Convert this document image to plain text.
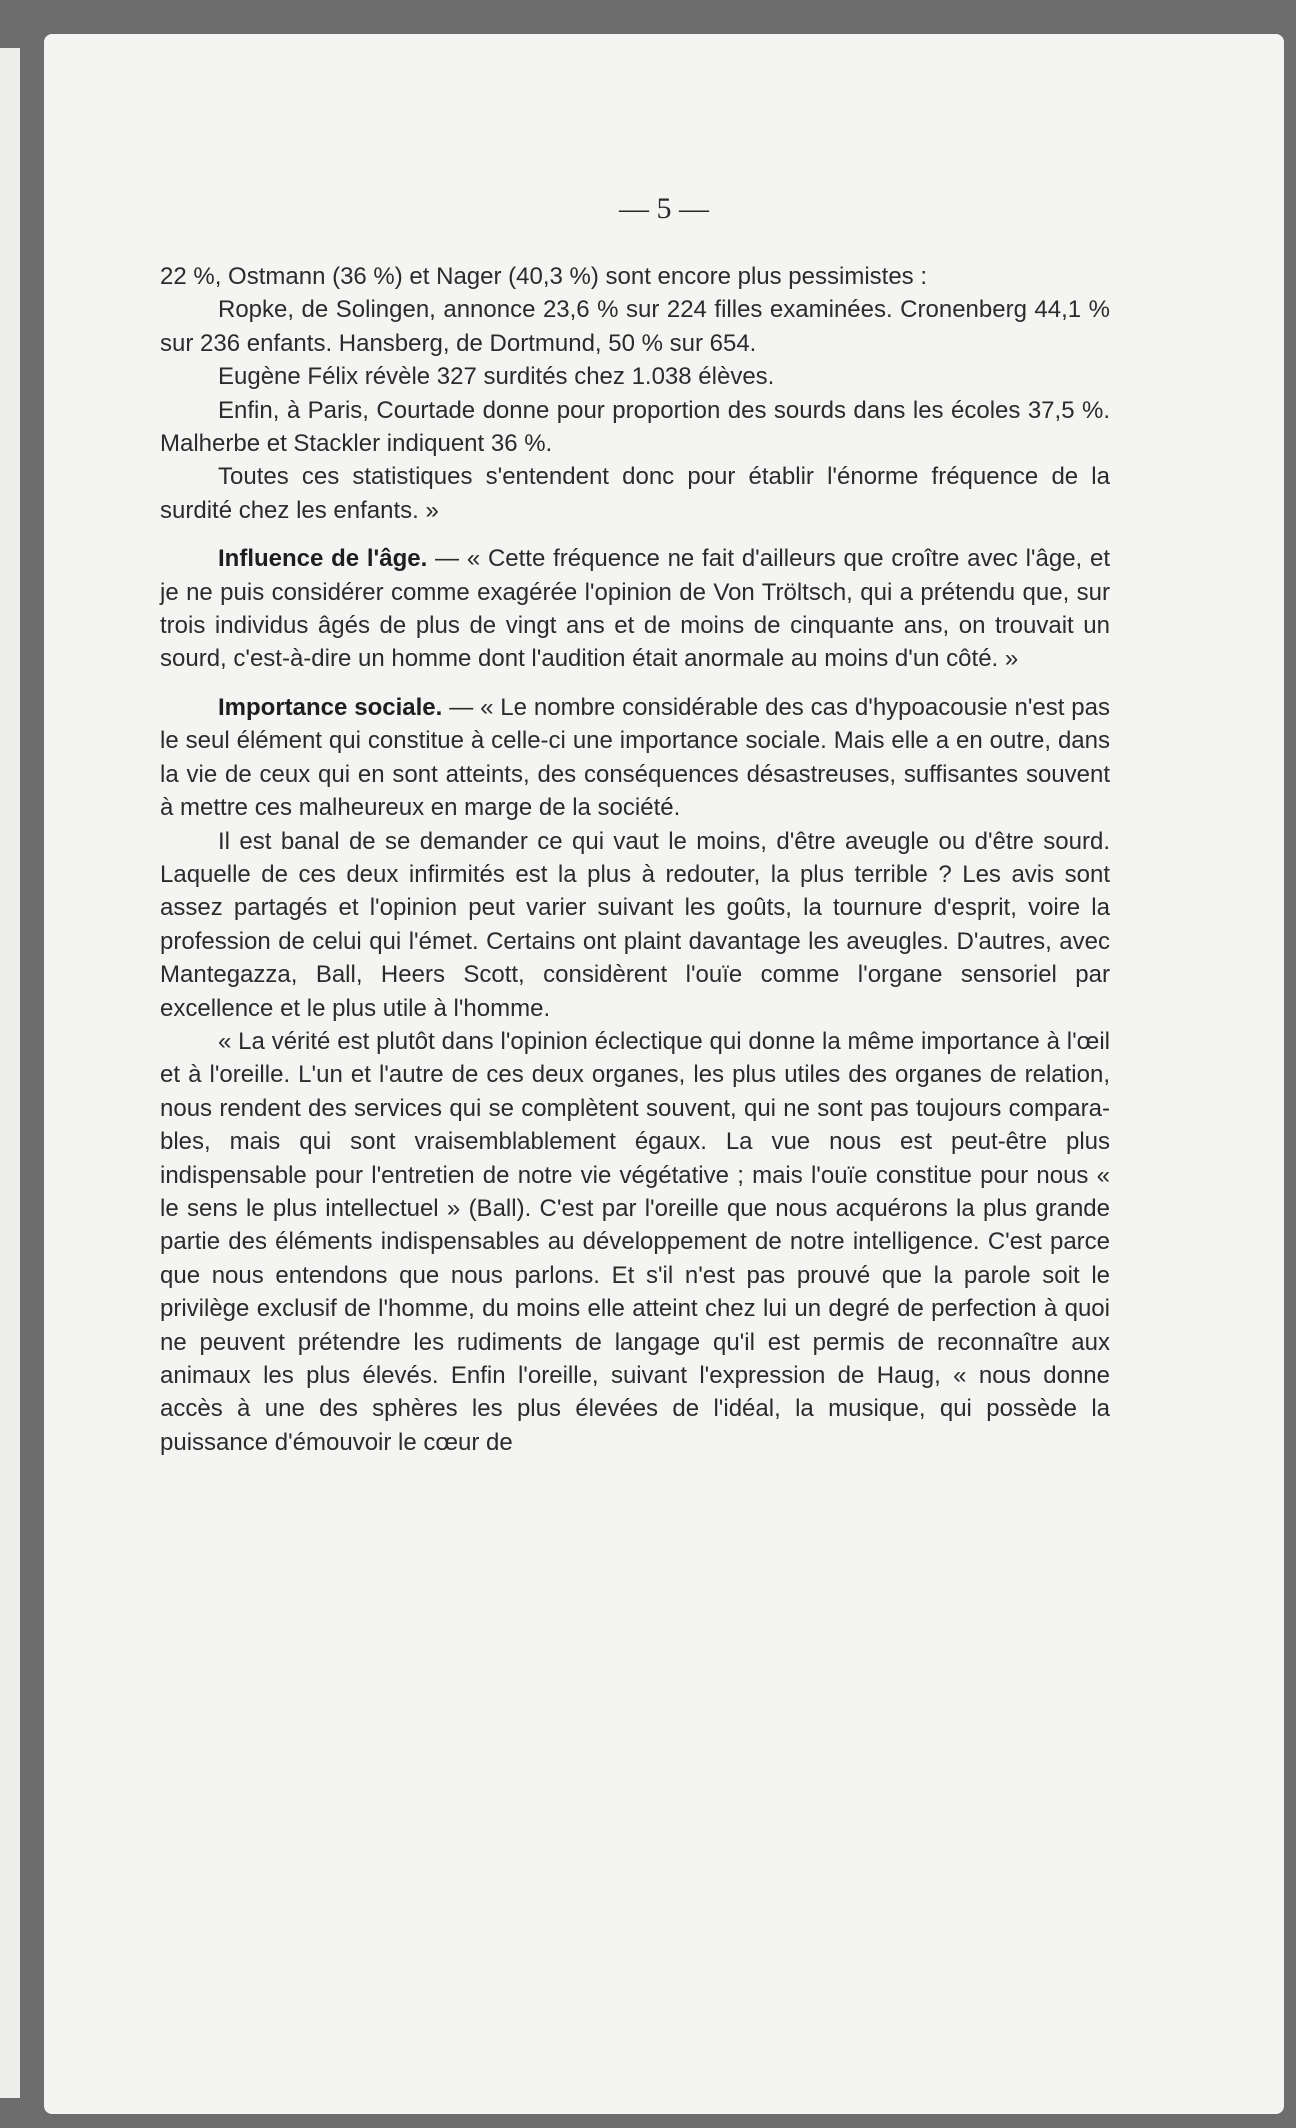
— 5 —

22 %, Ostmann (36 %) et Nager (40,3 %) sont encore plus pessimistes :

Ropke, de Solingen, annonce 23,6 % sur 224 filles examinées. Cronenberg 44,1 % sur 236 enfants. Hansberg, de Dortmund, 50 % sur 654.

Eugène Félix révèle 327 surdités chez 1.038 élèves.

Enfin, à Paris, Courtade donne pour proportion des sourds dans les écoles 37,5 %. Malherbe et Stackler indiquent 36 %.

Toutes ces statistiques s'entendent donc pour établir l'énorme fréquence de la surdité chez les enfants. »

Influence de l'âge. — « Cette fréquence ne fait d'ailleurs que croître avec l'âge, et je ne puis considérer comme exagérée l'opinion de Von Tröltsch, qui a prétendu que, sur trois individus âgés de plus de vingt ans et de moins de cinquante ans, on trouvait un sourd, c'est-à-dire un homme dont l'audition était anormale au moins d'un côté. »

Importance sociale. — « Le nombre considérable des cas d'hypoacousie n'est pas le seul élément qui constitue à celle-ci une importance sociale. Mais elle a en outre, dans la vie de ceux qui en sont atteints, des conséquences désastreuses, suffisantes souvent à mettre ces malheureux en marge de la société.

Il est banal de se demander ce qui vaut le moins, d'être aveugle ou d'être sourd. Laquelle de ces deux infirmités est la plus à redouter, la plus terrible ? Les avis sont assez partagés et l'opinion peut varier suivant les goûts, la tournure d'esprit, voire la profession de celui qui l'émet. Certains ont plaint davantage les aveugles. D'autres, avec Mantegazza, Ball, Heers Scott, considèrent l'ouïe comme l'organe sensoriel par excellence et le plus utile à l'homme.

« La vérité est plutôt dans l'opinion éclectique qui donne la même importance à l'œil et à l'oreille. L'un et l'autre de ces deux organes, les plus utiles des organes de relation, nous rendent des services qui se complètent souvent, qui ne sont pas toujours comparables, mais qui sont vraisemblablement égaux. La vue nous est peut-être plus indispensable pour l'entretien de notre vie végétative ; mais l'ouïe constitue pour nous « le sens le plus intellectuel » (Ball). C'est par l'oreille que nous acquérons la plus grande partie des éléments indispensables au développement de notre intelligence. C'est parce que nous entendons que nous parlons. Et s'il n'est pas prouvé que la parole soit le privilège exclusif de l'homme, du moins elle atteint chez lui un degré de perfection à quoi ne peuvent prétendre les rudiments de langage qu'il est permis de reconnaître aux animaux les plus élevés. Enfin l'oreille, suivant l'expression de Haug, « nous donne accès à une des sphères les plus élevées de l'idéal, la musique, qui possède la puissance d'émouvoir le cœur de
